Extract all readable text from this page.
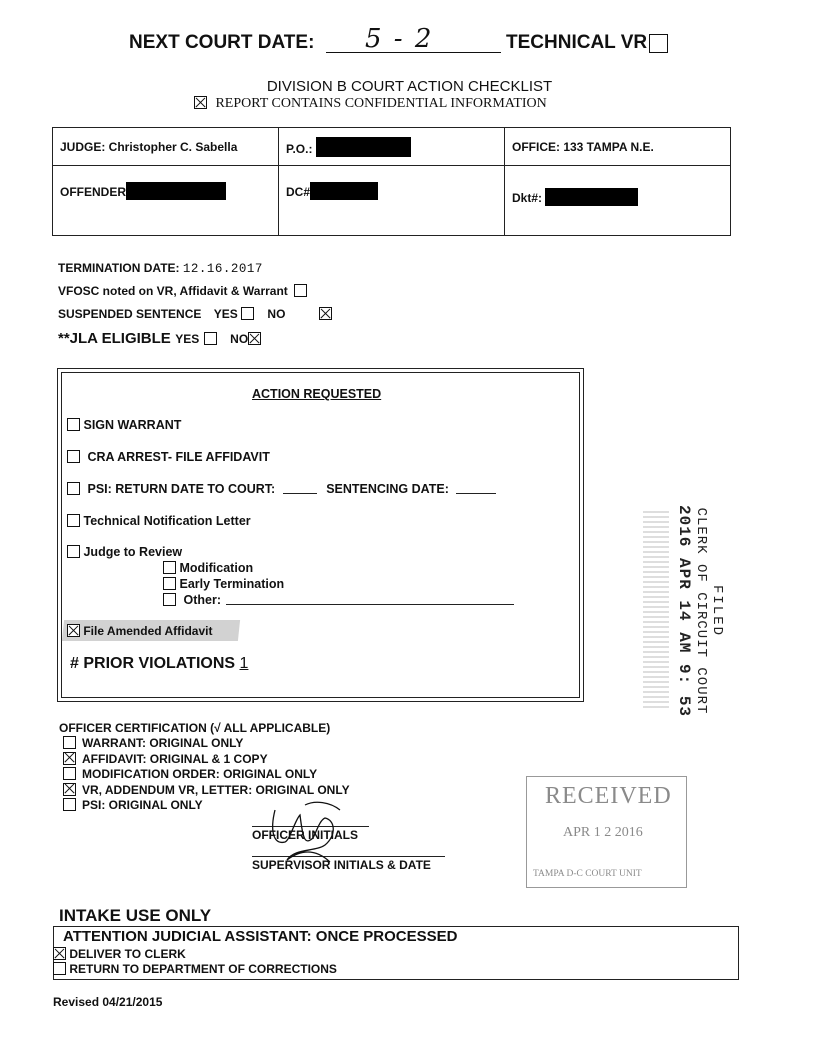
NEXT COURT DATE: 5 - 2	TECHNICAL VR
DIVISION B COURT ACTION CHECKLIST
REPORT CONTAINS CONFIDENTIAL INFORMATION
JUDGE: Christopher C. Sabella	P.O.:	OFFICE: 133 TAMPA N.E.
OFFENDER	DC#	Dkt#:
TERMINATION DATE: 12.16.2017
VFOSC noted on VR, Affidavit & Warrant
SUSPENDED SENTENCE YES NO
**JLA ELIGIBLE YES	NO
ACTION REQUESTED
SIGN WARRANT
CRA ARREST- FILE AFFIDAVIT
PSI: RETURN DATE TO COURT:	SENTENCING DATE:
Technical Notification Letter
Judge to Review
Modification
Early Termination
Other:
File Amended Affidavit
# PRIOR VIOLATIONS 1
FILED
CLERK OF CIRCUIT COURT
2016 APR 14 AM 9: 53
OFFICER CERTIFICATION (√ ALL APPLICABLE)
WARRANT: ORIGINAL ONLY
AFFIDAVIT: ORIGINAL & 1 COPY
MODIFICATION ORDER: ORIGINAL ONLY
VR, ADDENDUM VR, LETTER: ORIGINAL ONLY
PSI: ORIGINAL ONLY
OFFICER INITIALS
SUPERVISOR INITIALS & DATE
RECEIVED
APR 1 2 2016
TAMPA D-C COURT UNIT
INTAKE USE ONLY
ATTENTION JUDICIAL ASSISTANT: ONCE PROCESSED
DELIVER TO CLERK
RETURN TO DEPARTMENT OF CORRECTIONS
Revised 04/21/2015
